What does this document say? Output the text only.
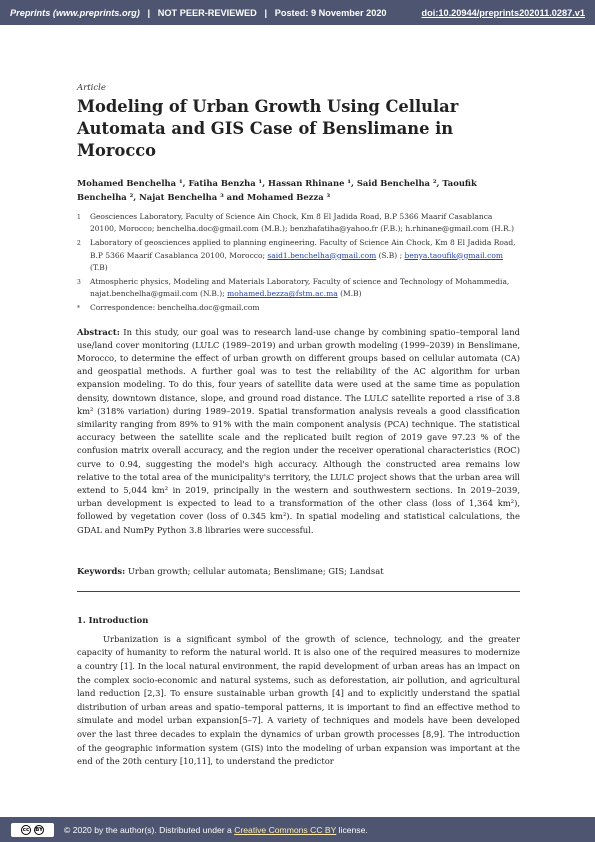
Preprints (www.preprints.org) | NOT PEER-REVIEWED | Posted: 9 November 2020	doi:10.20944/preprints202011.0287.v1
Article
Modeling of Urban Growth Using Cellular Automata and GIS Case of Benslimane in Morocco
Mohamed Benchelha ¹, Fatiha Benzha ¹, Hassan Rhinane ¹, Said Benchelha ², Taoufik Benchelha ², Najat Benchelha ³ and Mohamed Bezza ³
1	Geosciences Laboratory, Faculty of Science Ain Chock, Km 8 El Jadida Road, B.P 5366 Maarif Casablanca 20100, Morocco; benchelha.doc@gmail.com (M.B.); benzhafatiha@yahoo.fr (F.B.); h.rhinane@gmail.com (H.R.)
2	Laboratory of geosciences applied to planning engineering. Faculty of Science Ain Chock, Km 8 El Jadida Road, B.P 5366 Maarif Casablanca 20100, Morocco; said1.benchelha@gmail.com (S.B) ; benya.taoufik@gmail.com (T.B)
3	Atmospheric physics, Modeling and Materials Laboratory, Faculty of science and Technology of Mohammedia, najat.benchelha@gmail.com (N.B.); mohamed.bezza@fstm.ac.ma (M.B)
*	Correspondence: benchelha.doc@gmail.com
Abstract: In this study, our goal was to research land-use change by combining spatio–temporal land use/land cover monitoring (LULC (1989–2019) and urban growth modeling (1999–2039) in Benslimane, Morocco, to determine the effect of urban growth on different groups based on cellular automata (CA) and geospatial methods. A further goal was to test the reliability of the AC algorithm for urban expansion modeling. To do this, four years of satellite data were used at the same time as population density, downtown distance, slope, and ground road distance. The LULC satellite reported a rise of 3.8 km² (318% variation) during 1989–2019. Spatial transformation analysis reveals a good classification similarity ranging from 89% to 91% with the main component analysis (PCA) technique. The statistical accuracy between the satellite scale and the replicated built region of 2019 gave 97.23 % of the confusion matrix overall accuracy, and the region under the receiver operational characteristics (ROC) curve to 0.94, suggesting the model's high accuracy. Although the constructed area remains low relative to the total area of the municipality's territory, the LULC project shows that the urban area will extend to 5,044 km² in 2019, principally in the western and southwestern sections. In 2019–2039, urban development is expected to lead to a transformation of the other class (loss of 1,364 km²), followed by vegetation cover (loss of 0.345 km²). In spatial modeling and statistical calculations, the GDAL and NumPy Python 3.8 libraries were successful.
Keywords: Urban growth; cellular automata; Benslimane; GIS; Landsat
1. Introduction
Urbanization is a significant symbol of the growth of science, technology, and the greater capacity of humanity to reform the natural world. It is also one of the required measures to modernize a country [1]. In the local natural environment, the rapid development of urban areas has an impact on the complex socio-economic and natural systems, such as deforestation, air pollution, and agricultural land reduction [2,3]. To ensure sustainable urban growth [4] and to explicitly understand the spatial distribution of urban areas and spatio–temporal patterns, it is important to find an effective method to simulate and model urban expansion[5–7]. A variety of techniques and models have been developed over the last three decades to explain the dynamics of urban growth processes [8,9]. The introduction of the geographic information system (GIS) into the modeling of urban expansion was important at the end of the 20th century [10,11], to understand the predictor
cc	BY © 2020 by the author(s). Distributed under a Creative Commons CC BY license.
